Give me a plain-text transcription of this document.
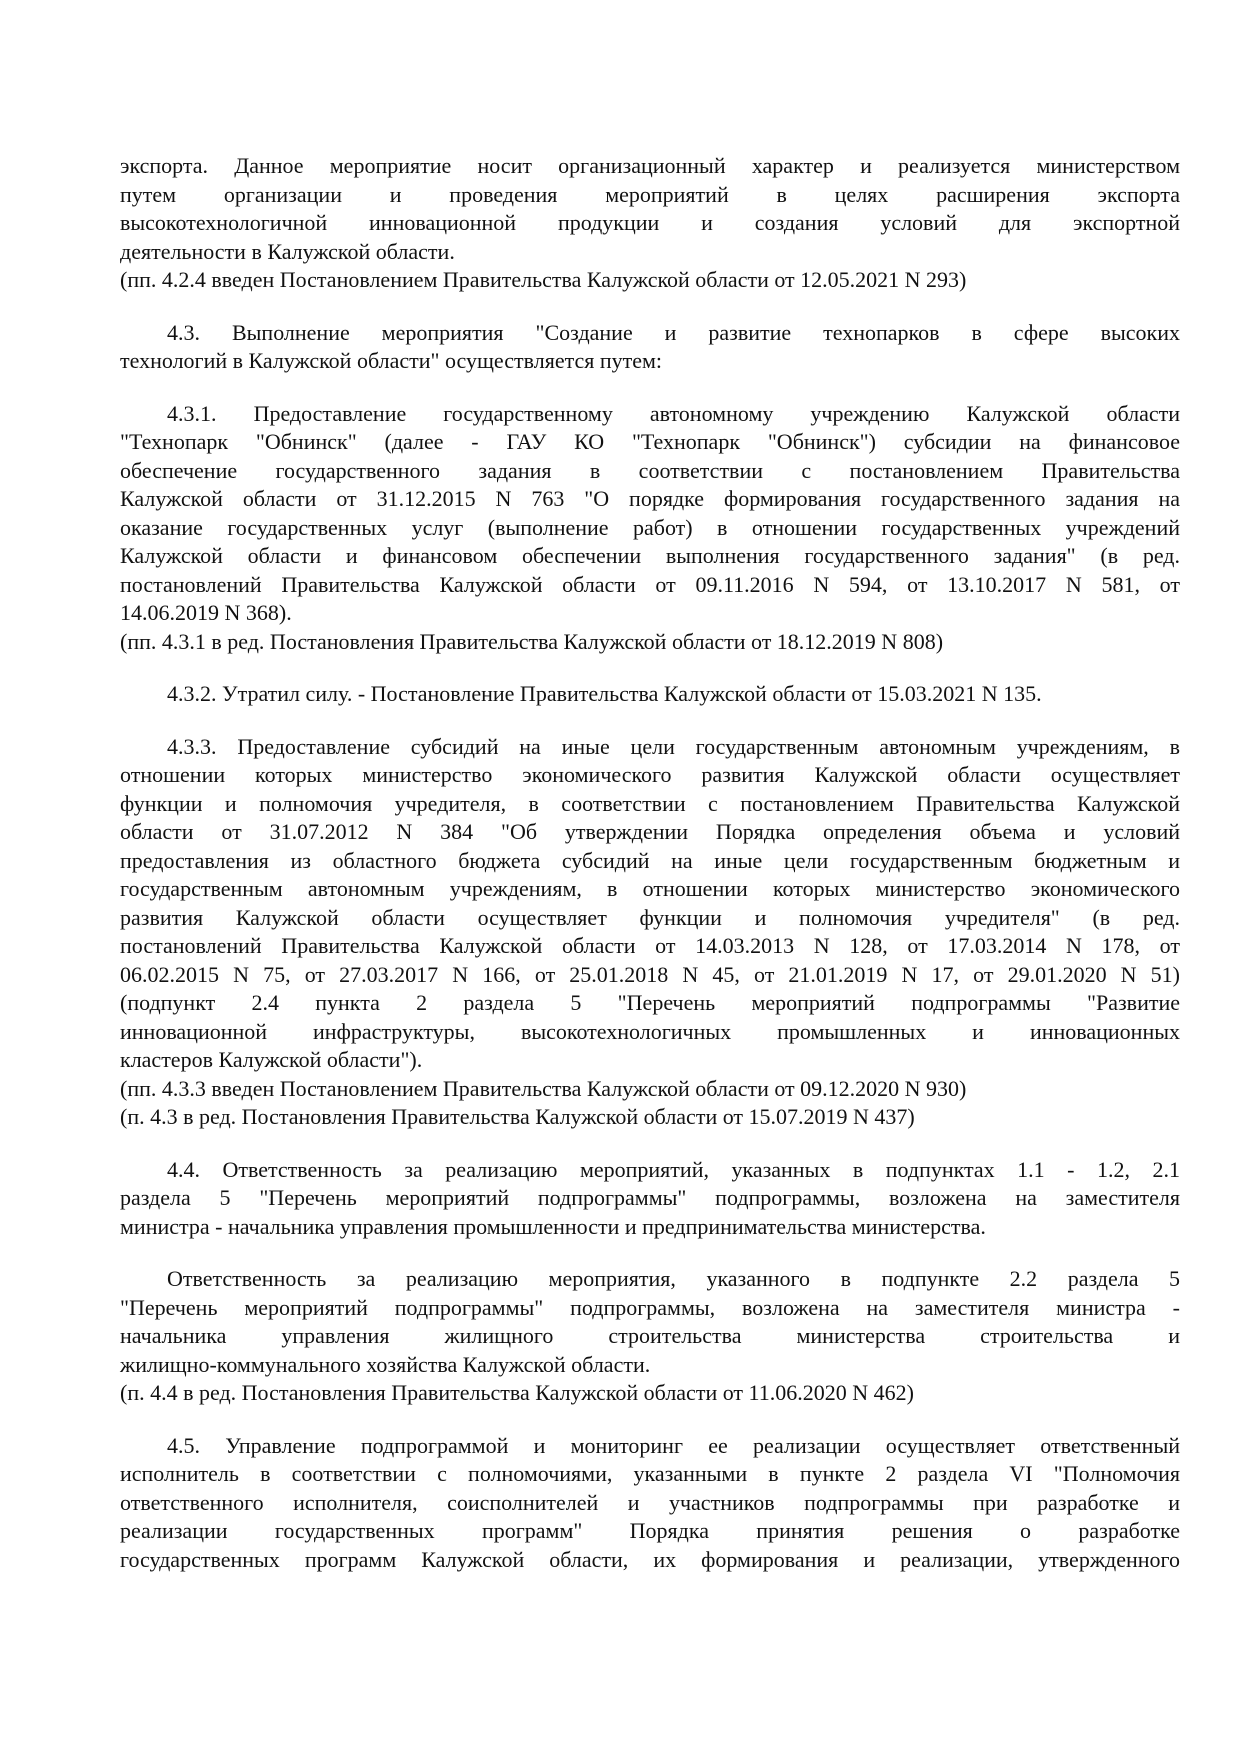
экспорта. Данное мероприятие носит организационный характер и реализуется министерством
путем организации и проведения мероприятий в целях расширения экспорта
высокотехнологичной инновационной продукции и создания условий для экспортной
деятельности в Калужской области.
(пп. 4.2.4 введен Постановлением Правительства Калужской области от 12.05.2021 N 293)
4.3. Выполнение мероприятия "Создание и развитие технопарков в сфере высоких
технологий в Калужской области" осуществляется путем:
4.3.1. Предоставление государственному автономному учреждению Калужской области
"Технопарк "Обнинск" (далее - ГАУ КО "Технопарк "Обнинск") субсидии на финансовое
обеспечение государственного задания в соответствии с постановлением Правительства
Калужской области от 31.12.2015 N 763 "О порядке формирования государственного задания на
оказание государственных услуг (выполнение работ) в отношении государственных учреждений
Калужской области и финансовом обеспечении выполнения государственного задания" (в ред.
постановлений Правительства Калужской области от 09.11.2016 N 594, от 13.10.2017 N 581, от
14.06.2019 N 368).
(пп. 4.3.1 в ред. Постановления Правительства Калужской области от 18.12.2019 N 808)
4.3.2. Утратил силу. - Постановление Правительства Калужской области от 15.03.2021 N 135.
4.3.3. Предоставление субсидий на иные цели государственным автономным учреждениям, в
отношении которых министерство экономического развития Калужской области осуществляет
функции и полномочия учредителя, в соответствии с постановлением Правительства Калужской
области от 31.07.2012 N 384 "Об утверждении Порядка определения объема и условий
предоставления из областного бюджета субсидий на иные цели государственным бюджетным и
государственным автономным учреждениям, в отношении которых министерство экономического
развития Калужской области осуществляет функции и полномочия учредителя" (в ред.
постановлений Правительства Калужской области от 14.03.2013 N 128, от 17.03.2014 N 178, от
06.02.2015 N 75, от 27.03.2017 N 166, от 25.01.2018 N 45, от 21.01.2019 N 17, от 29.01.2020 N 51)
(подпункт 2.4 пункта 2 раздела 5 "Перечень мероприятий подпрограммы "Развитие
инновационной инфраструктуры, высокотехнологичных промышленных и инновационных
кластеров Калужской области").
(пп. 4.3.3 введен Постановлением Правительства Калужской области от 09.12.2020 N 930)
(п. 4.3 в ред. Постановления Правительства Калужской области от 15.07.2019 N 437)
4.4. Ответственность за реализацию мероприятий, указанных в подпунктах 1.1 - 1.2, 2.1
раздела 5 "Перечень мероприятий подпрограммы" подпрограммы, возложена на заместителя
министра - начальника управления промышленности и предпринимательства министерства.
Ответственность за реализацию мероприятия, указанного в подпункте 2.2 раздела 5
"Перечень мероприятий подпрограммы" подпрограммы, возложена на заместителя министра -
начальника управления жилищного строительства министерства строительства и
жилищно-коммунального хозяйства Калужской области.
(п. 4.4 в ред. Постановления Правительства Калужской области от 11.06.2020 N 462)
4.5. Управление подпрограммой и мониторинг ее реализации осуществляет ответственный
исполнитель в соответствии с полномочиями, указанными в пункте 2 раздела VI "Полномочия
ответственного исполнителя, соисполнителей и участников подпрограммы при разработке и
реализации государственных программ" Порядка принятия решения о разработке
государственных программ Калужской области, их формирования и реализации, утвержденного
